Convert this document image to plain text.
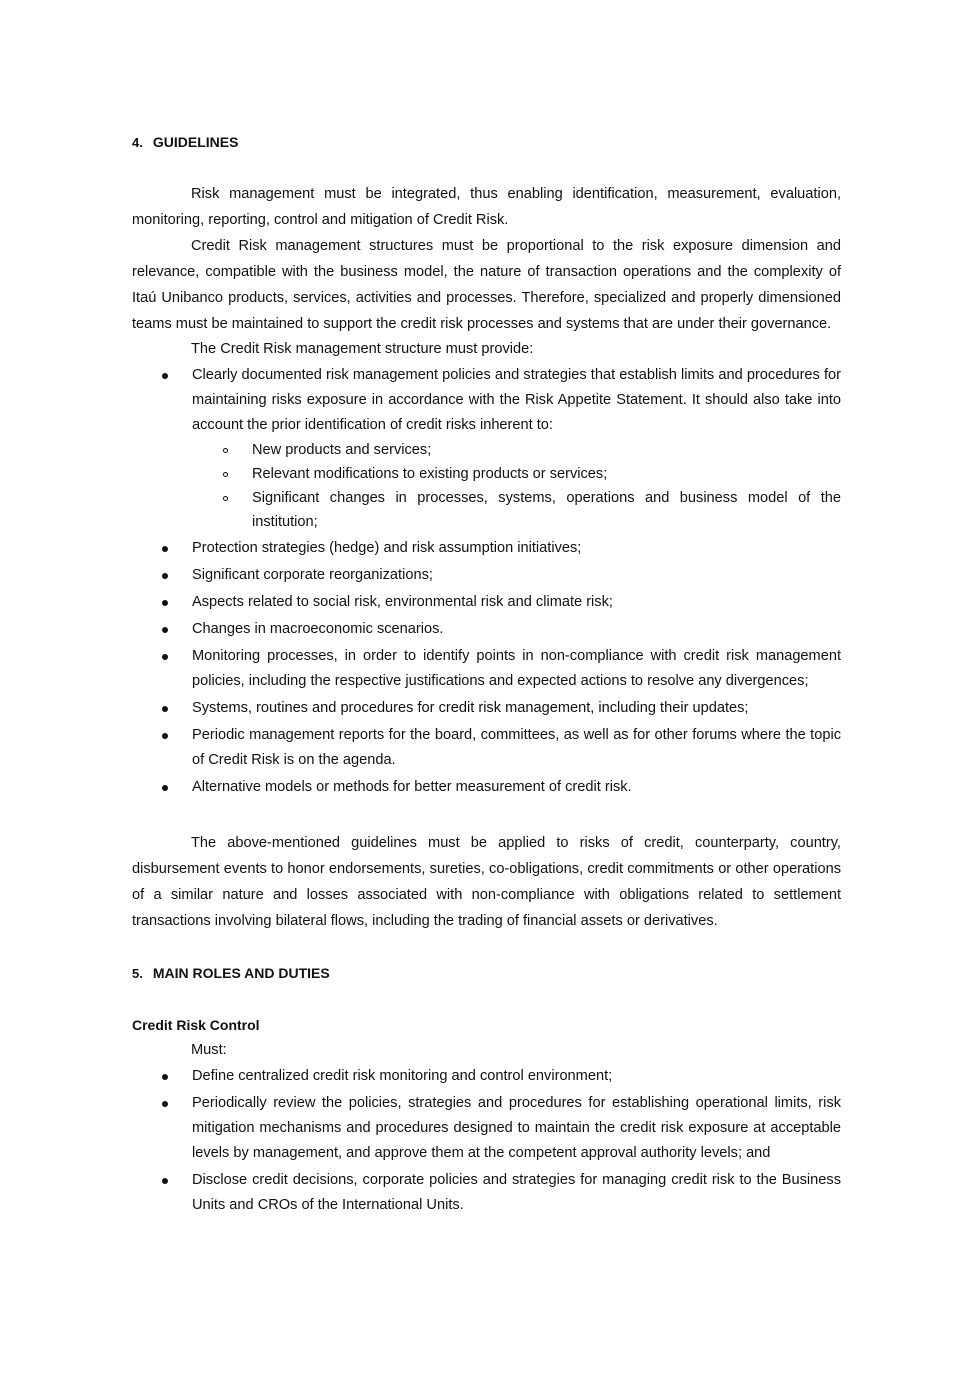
4. GUIDELINES

Risk management must be integrated, thus enabling identification, measurement, evaluation, monitoring, reporting, control and mitigation of Credit Risk.

Credit Risk management structures must be proportional to the risk exposure dimension and relevance, compatible with the business model, the nature of transaction operations and the complexity of Itaú Unibanco products, services, activities and processes. Therefore, specialized and properly dimensioned teams must be maintained to support the credit risk processes and systems that are under their governance.

The Credit Risk management structure must provide:

Clearly documented risk management policies and strategies that establish limits and procedures for maintaining risks exposure in accordance with the Risk Appetite Statement. It should also take into account the prior identification of credit risks inherent to:
New products and services;
Relevant modifications to existing products or services;
Significant changes in processes, systems, operations and business model of the institution;
Protection strategies (hedge) and risk assumption initiatives;
Significant corporate reorganizations;
Aspects related to social risk, environmental risk and climate risk;
Changes in macroeconomic scenarios.
Monitoring processes, in order to identify points in non-compliance with credit risk management policies, including the respective justifications and expected actions to resolve any divergences;
Systems, routines and procedures for credit risk management, including their updates;
Periodic management reports for the board, committees, as well as for other forums where the topic of Credit Risk is on the agenda.
Alternative models or methods for better measurement of credit risk.

The above-mentioned guidelines must be applied to risks of credit, counterparty, country, disbursement events to honor endorsements, sureties, co-obligations, credit commitments or other operations of a similar nature and losses associated with non-compliance with obligations related to settlement transactions involving bilateral flows, including the trading of financial assets or derivatives.

5. MAIN ROLES AND DUTIES
Credit Risk Control

Must:

Define centralized credit risk monitoring and control environment;
Periodically review the policies, strategies and procedures for establishing operational limits, risk mitigation mechanisms and procedures designed to maintain the credit risk exposure at acceptable levels by management, and approve them at the competent approval authority levels; and
Disclose credit decisions, corporate policies and strategies for managing credit risk to the Business Units and CROs of the International Units.
